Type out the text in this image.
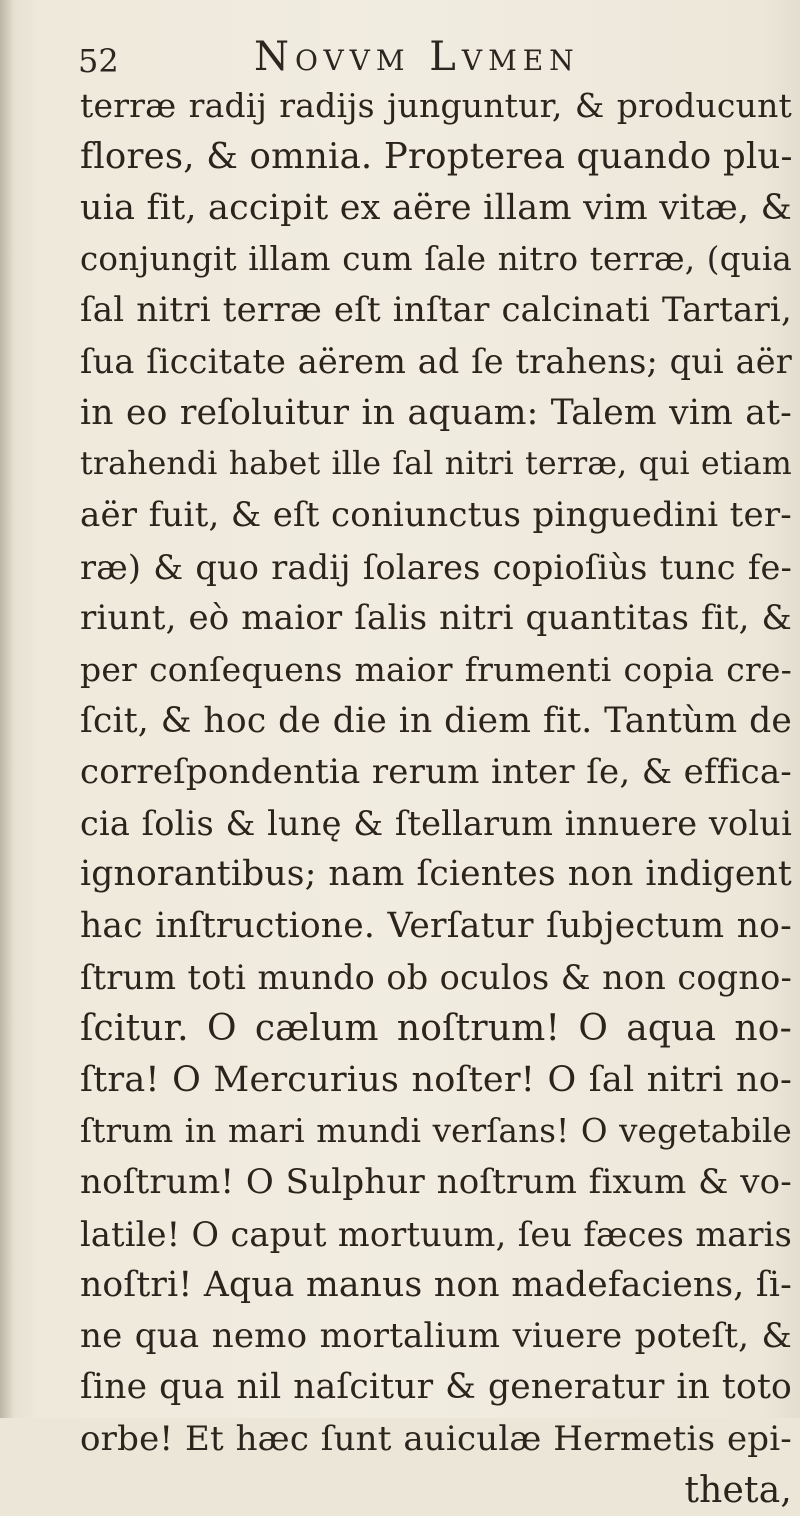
52	Novvm Lvmen
terræ radij radijs junguntur, & producunt
flores, & omnia. Propterea quando plu-
uia fit, accipit ex aëre illam vim vitæ, &
conjungit illam cum ſale nitro terræ, (quia
ſal nitri terræ eſt inſtar calcinati Tartari,
ſua ſiccitate aërem ad ſe trahens; qui aër
in eo reſoluitur in aquam: Talem vim at-
trahendi habet ille ſal nitri terræ, qui etiam
aër fuit, & eſt coniunctus pinguedini ter-
ræ) & quo radij ſolares copioſiùs tunc fe-
riunt, eò maior ſalis nitri quantitas fit, &
per conſequens maior frumenti copia cre-
ſcit, & hoc de die in diem fit. Tantùm de
correſpondentia rerum inter ſe, & effica-
cia ſolis & lunę & ſtellarum innuere volui
ignorantibus; nam ſcientes non indigent
hac inſtructione. Verſatur ſubjectum no-
ſtrum toti mundo ob oculos & non cogno-
ſcitur. O cælum noſtrum! O aqua no-
ſtra! O Mercurius noſter! O ſal nitri no-
ſtrum in mari mundi verſans! O vegetabile
noſtrum! O Sulphur noſtrum fixum & vo-
latile! O caput mortuum, ſeu fæces maris
noſtri! Aqua manus non madefaciens, ſi-
ne qua nemo mortalium viuere poteſt, &
ſine qua nil naſcitur & generatur in toto
orbe! Et hæc ſunt auiculæ Hermetis epi-
theta,
